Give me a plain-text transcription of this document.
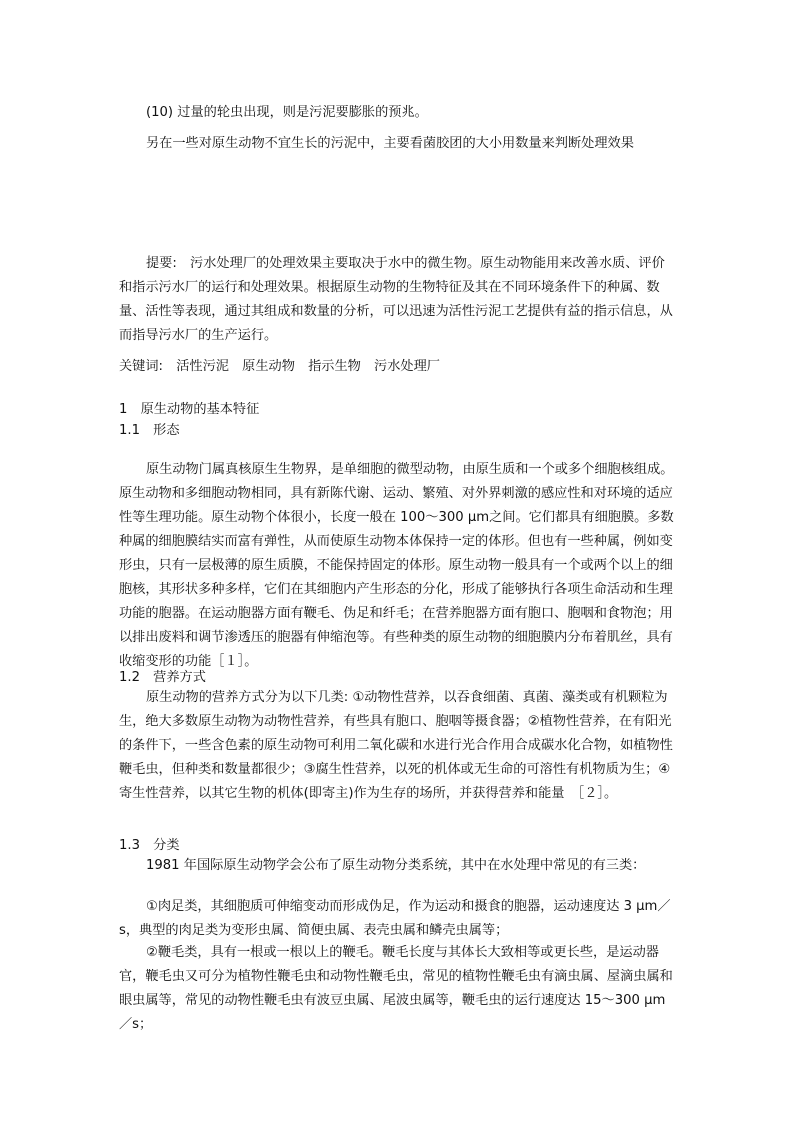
(10) 过量的轮虫出现，则是污泥要膨胀的预兆。

另在一些对原生动物不宜生长的污泥中，主要看菌胶团的大小用数量来判断处理效果

提要:　污水处理厂的处理效果主要取决于水中的微生物。原生动物能用来改善水质、评价和指示污水厂的运行和处理效果。根据原生动物的生物特征及其在不同环境条件下的种属、数量、活性等表现，通过其组成和数量的分析，可以迅速为活性污泥工艺提供有益的指示信息，从而指导污水厂的生产运行。

关键词:　活性污泥　原生动物　指示生物　污水处理厂

1　原生动物的基本特征

1.1　形态

原生动物门属真核原生生物界，是单细胞的微型动物，由原生质和一个或多个细胞核组成。原生动物和多细胞动物相同，具有新陈代谢、运动、繁殖、对外界刺激的感应性和对环境的适应性等生理功能。原生动物个体很小，长度一般在 100～300 μm之间。它们都具有细胞膜。多数种属的细胞膜结实而富有弹性，从而使原生动物本体保持一定的体形。但也有一些种属，例如变形虫，只有一层极薄的原生质膜，不能保持固定的体形。原生动物一般具有一个或两个以上的细胞核，其形状多种多样，它们在其细胞内产生形态的分化，形成了能够执行各项生命活动和生理功能的胞器。在运动胞器方面有鞭毛、伪足和纤毛；在营养胞器方面有胞口、胞咽和食物泡；用以排出废料和调节渗透压的胞器有伸缩泡等。有些种类的原生动物的细胞膜内分布着肌丝，具有收缩变形的功能［１］。

1.2　营养方式

原生动物的营养方式分为以下几类: ①动物性营养，以吞食细菌、真菌、藻类或有机颗粒为生，绝大多数原生动物为动物性营养，有些具有胞口、胞咽等摄食器；②植物性营养，在有阳光的条件下，一些含色素的原生动物可利用二氧化碳和水进行光合作用合成碳水化合物，如植物性鞭毛虫，但种类和数量都很少；③腐生性营养，以死的机体或无生命的可溶性有机物质为生；④寄生性营养，以其它生物的机体(即寄主)作为生存的场所，并获得营养和能量　［２］。

1.3　分类

1981 年国际原生动物学会公布了原生动物分类系统，其中在水处理中常见的有三类：

①肉足类，其细胞质可伸缩变动而形成伪足，作为运动和摄食的胞器，运动速度达 3 μm／s，典型的肉足类为变形虫属、简便虫属、表壳虫属和鳞壳虫属等；

②鞭毛类，具有一根或一根以上的鞭毛。鞭毛长度与其体长大致相等或更长些，是运动器官，鞭毛虫又可分为植物性鞭毛虫和动物性鞭毛虫，常见的植物性鞭毛虫有滴虫属、屋滴虫属和眼虫属等，常见的动物性鞭毛虫有波豆虫属、尾波虫属等，鞭毛虫的运行速度达 15～300 μm／s；
